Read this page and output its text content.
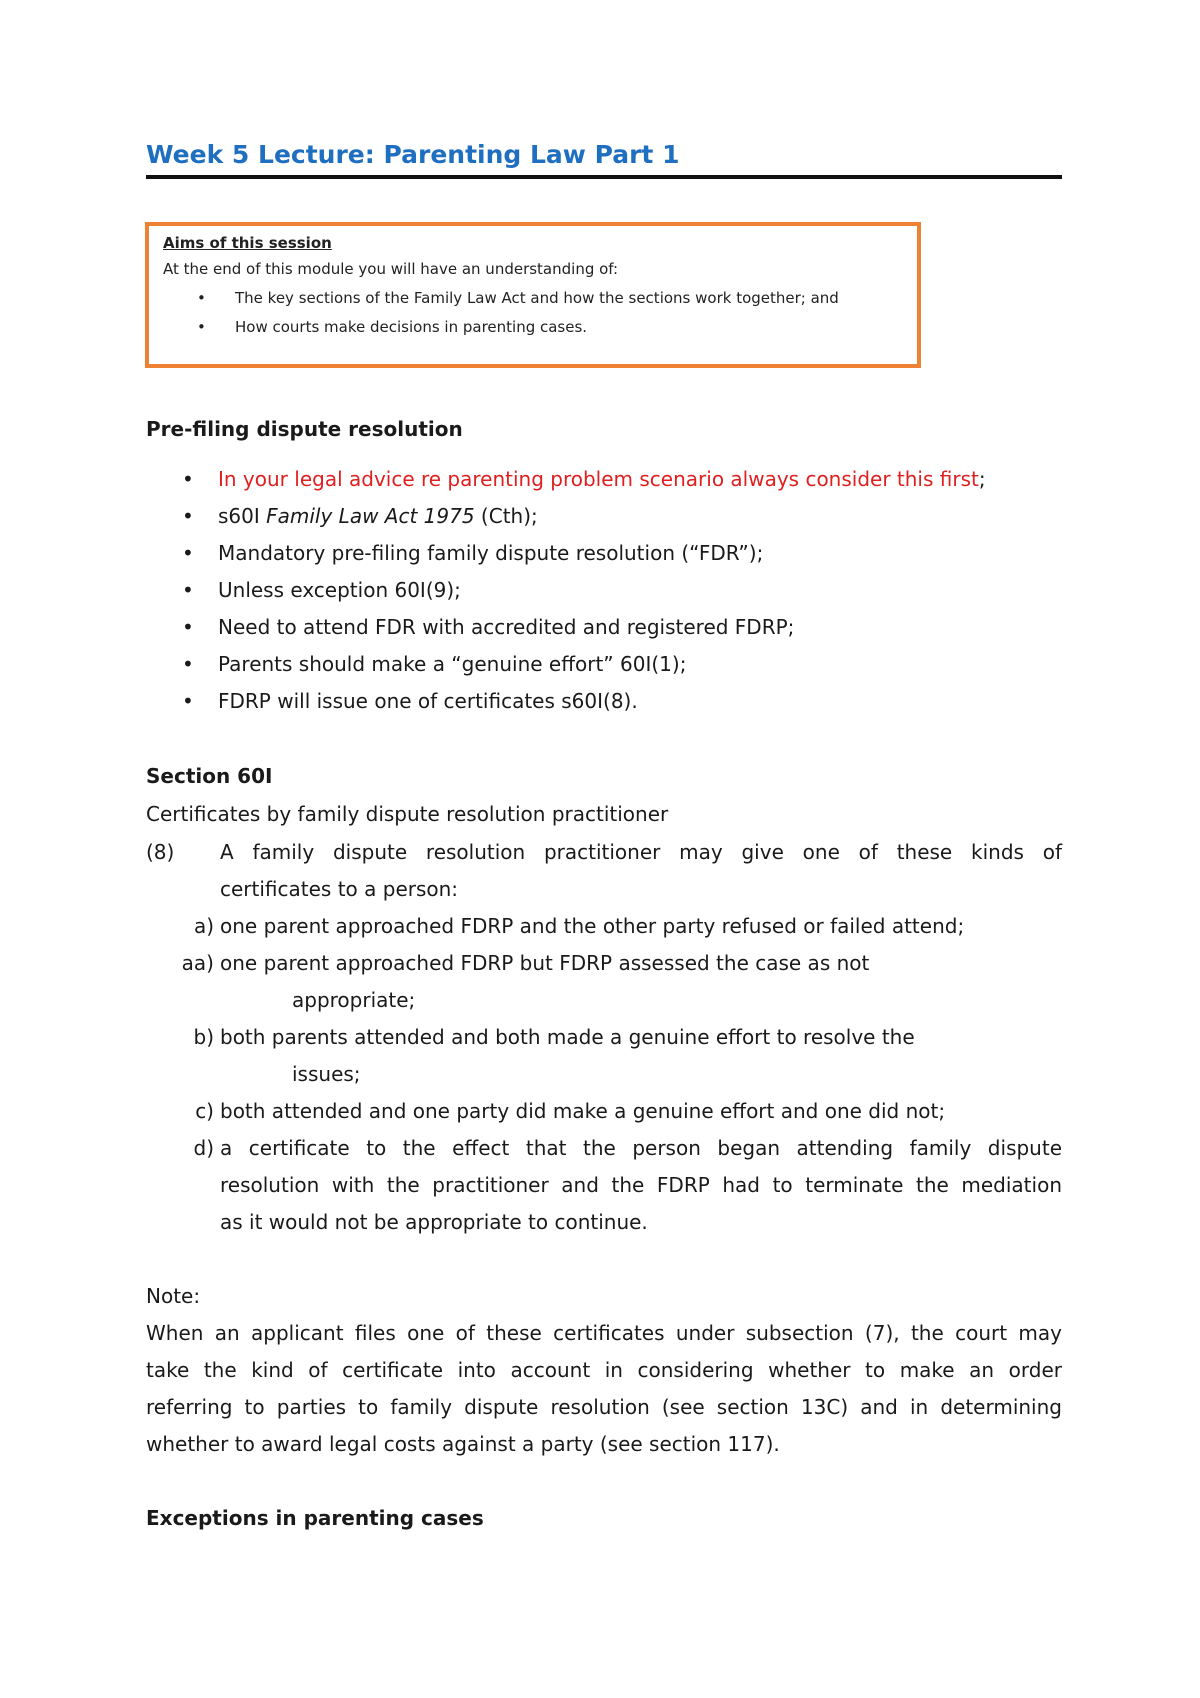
Week 5 Lecture: Parenting Law Part 1
Aims of this session
At the end of this module you will have an understanding of:
• The key sections of the Family Law Act and how the sections work together; and
• How courts make decisions in parenting cases.
Pre-filing dispute resolution
• In your legal advice re parenting problem scenario always consider this first;
• s60I Family Law Act 1975 (Cth);
• Mandatory pre-filing family dispute resolution (“FDR”);
• Unless exception 60I(9);
• Need to attend FDR with accredited and registered FDRP;
• Parents should make a “genuine effort” 60I(1);
• FDRP will issue one of certificates s60I(8).
Section 60I

Certificates by family dispute resolution practitioner

(8)	A family dispute resolution practitioner may give one of these kinds of
certificates to a person:
a) one parent approached FDRP and the other party refused or failed attend;
aa) one parent approached FDRP but FDRP assessed the case as not
appropriate;
b) both parents attended and both made a genuine effort to resolve the
issues;
c) both attended and one party did make a genuine effort and one did not;
d) a certificate to the effect that the person began attending family dispute
resolution with the practitioner and the FDRP had to terminate the mediation
as it would not be appropriate to continue.

Note:

When an applicant files one of these certificates under subsection (7), the court may

take the kind of certificate into account in considering whether to make an order

referring to parties to family dispute resolution (see section 13C) and in determining

whether to award legal costs against a party (see section 117).

Exceptions in parenting cases
